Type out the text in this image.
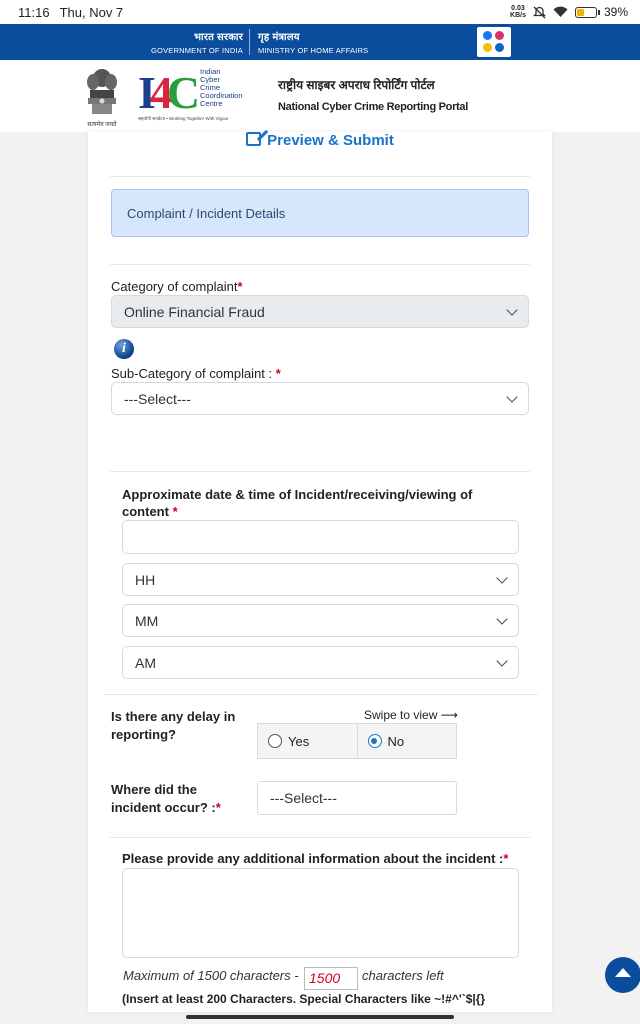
11:16 Thu, Nov 7	0.03
KB/s	39%
भारत सरकार
GOVERNMENT OF INDIA
गृह मंत्रालय
MINISTRY OF HOME AFFAIRS
सत्यमेव जयते
I4C Indian
Cyber
Crime
Coordination
Centre
सहयोगी सतर्कता • Working Together With Vigour
राष्ट्रीय साइबर अपराध रिपोर्टिंग पोर्टल
National Cyber Crime Reporting Portal
Preview & Submit
Complaint / Incident Details
Category of complaint*
Online Financial Fraud
i
Sub-Category of complaint : *
---Select---
Approximate date & time of Incident/receiving/viewing of content *
HH
MM
AM
Is there any delay in reporting?
Swipe to view ⟶
Yes	No
Where did the incident occur? :*
---Select---
Please provide any additional information about the incident :*
Maximum of 1500 characters - 1500	characters left
(Insert at least 200 Characters. Special Characters like ~!#^'`$|{}
